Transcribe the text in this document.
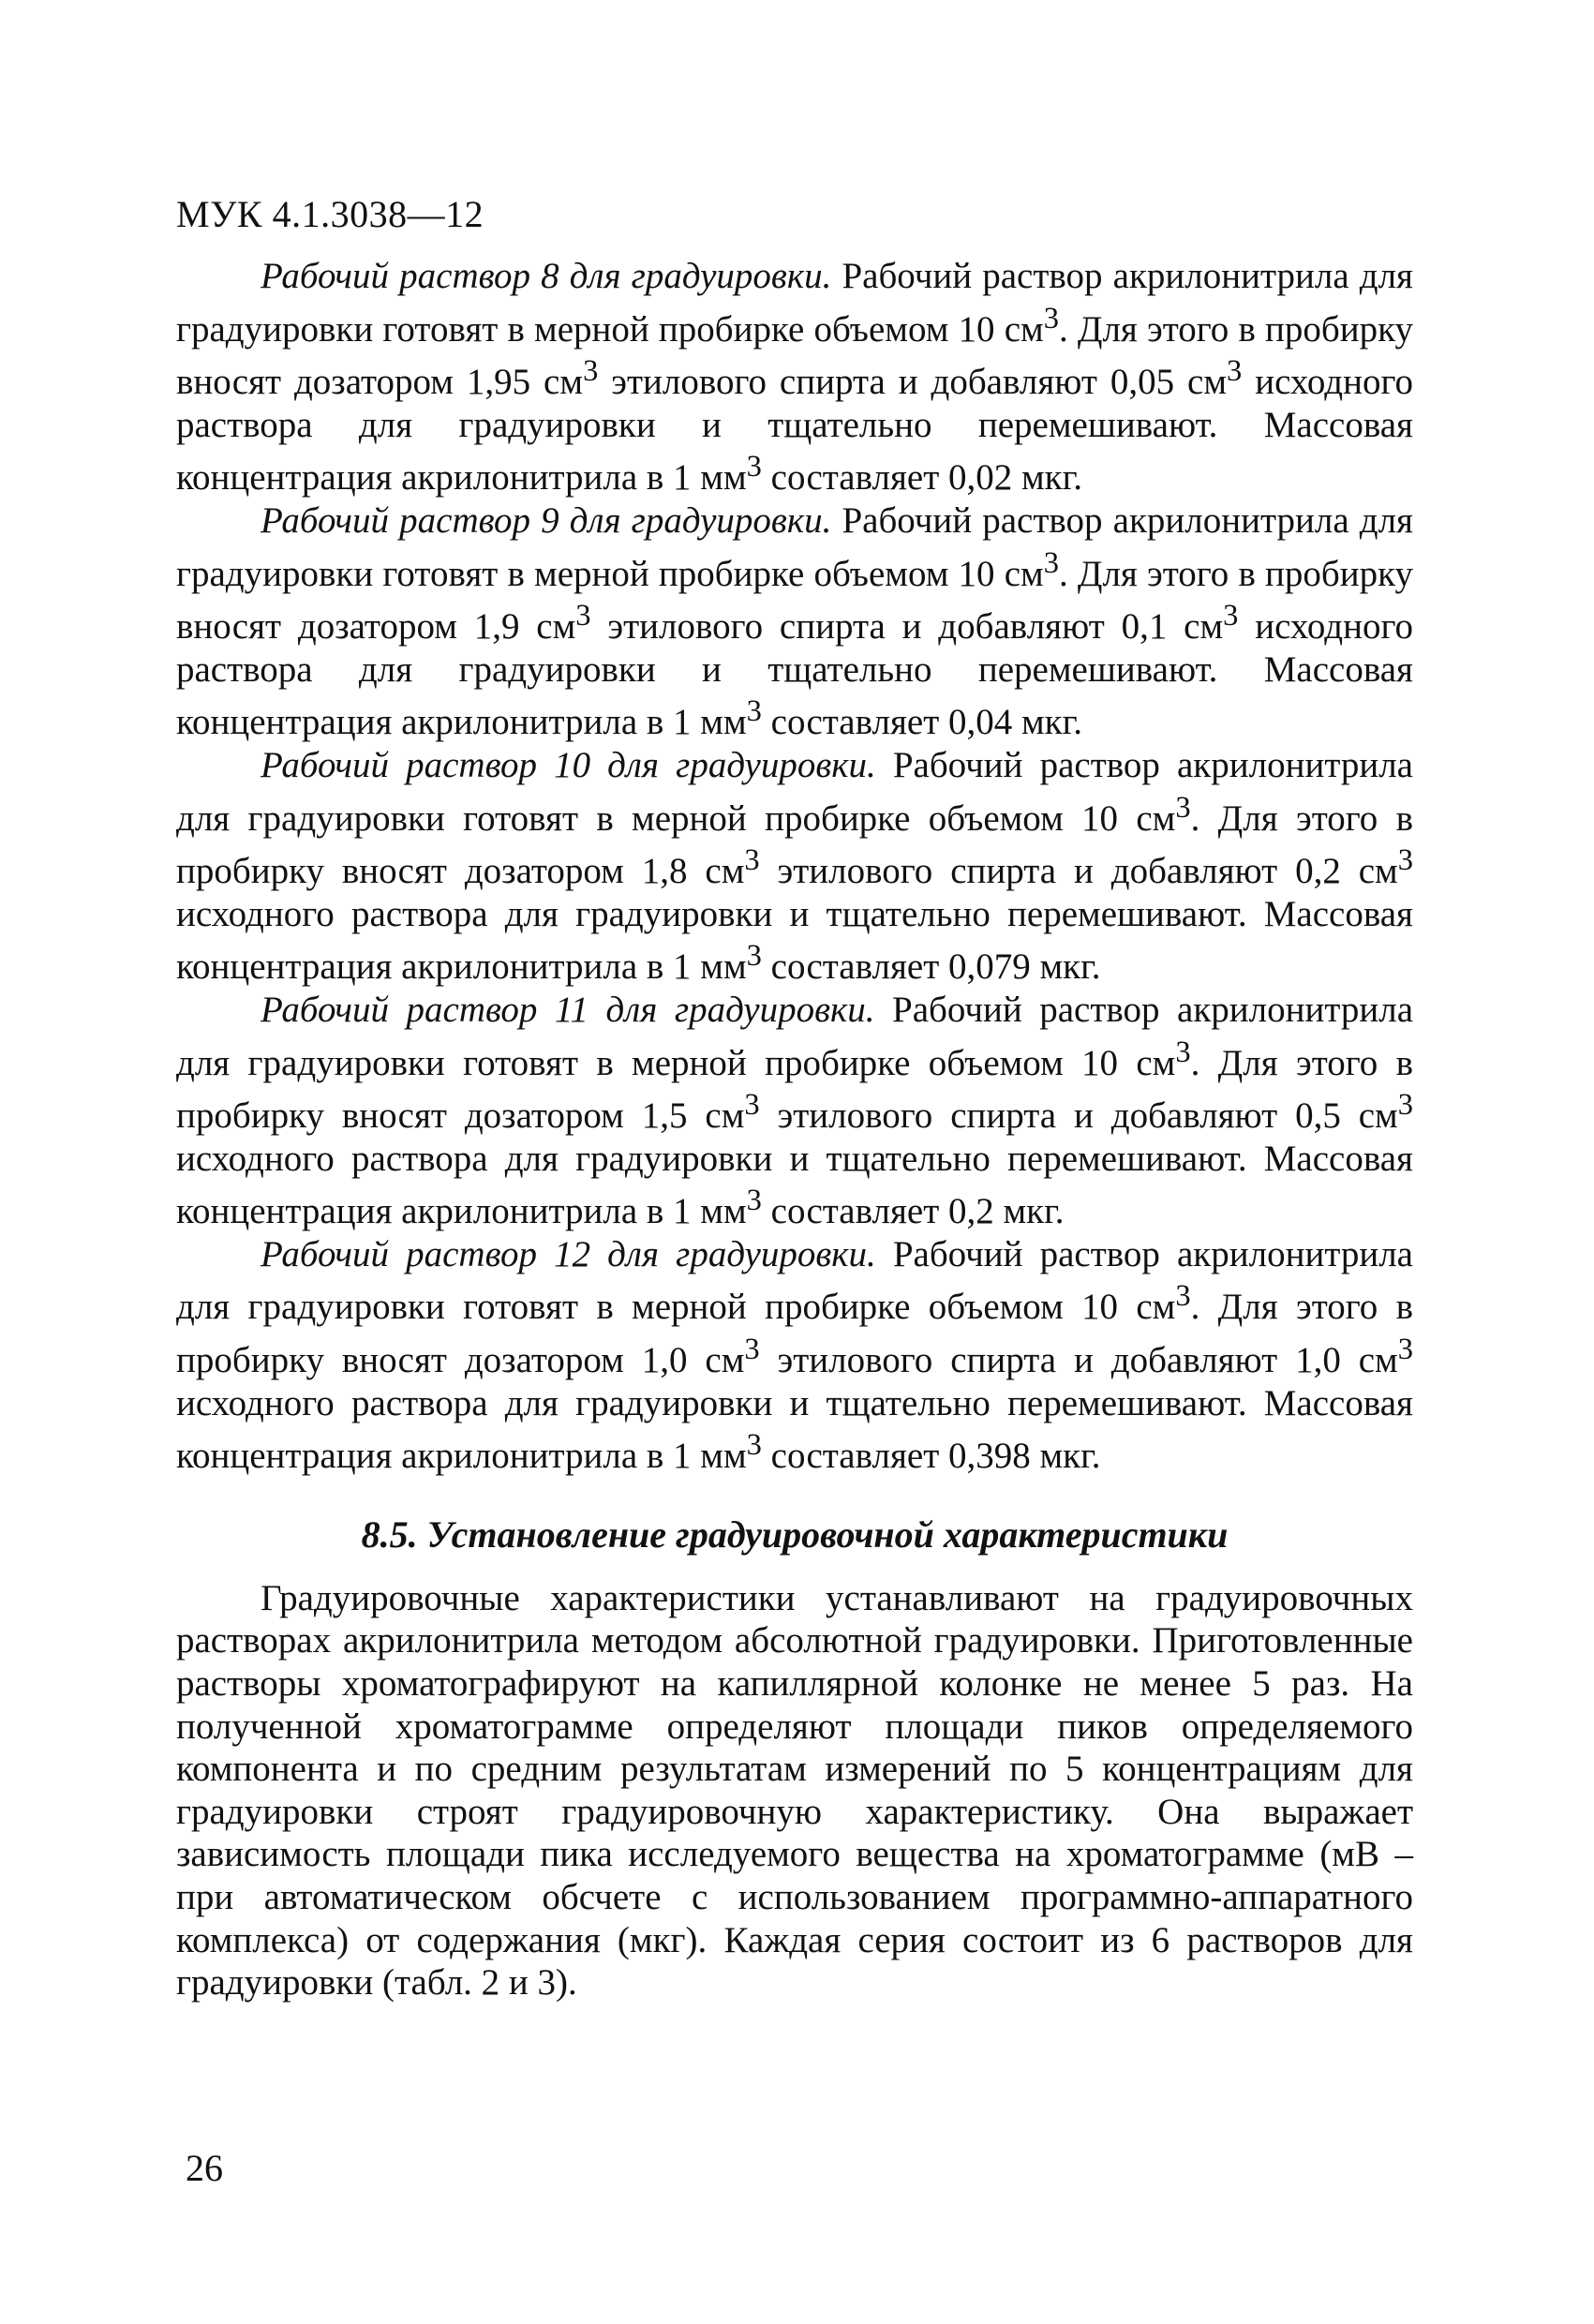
МУК 4.1.3038—12

Рабочий раствор 8 для градуировки. Рабочий раствор акрилонитрила для градуировки готовят в мерной пробирке объемом 10 $см^3$. Для этого в пробирку вносят дозатором 1,95 $см^3$ этилового спирта и добавляют 0,05 $см^3$ исходного раствора для градуировки и тщательно перемешивают. Массовая концентрация акрилонитрила в 1 $мм^3$ составляет 0,02 мкг.

Рабочий раствор 9 для градуировки. Рабочий раствор акрилонитрила для градуировки готовят в мерной пробирке объемом 10 $см^3$. Для этого в пробирку вносят дозатором 1,9 $см^3$ этилового спирта и добавляют 0,1 $см^3$ исходного раствора для градуировки и тщательно перемешивают. Массовая концентрация акрилонитрила в 1 $мм^3$ составляет 0,04 мкг.

Рабочий раствор 10 для градуировки. Рабочий раствор акрилонитрила для градуировки готовят в мерной пробирке объемом 10 $см^3$. Для этого в пробирку вносят дозатором 1,8 $см^3$ этилового спирта и добавляют 0,2 $см^3$ исходного раствора для градуировки и тщательно перемешивают. Массовая концентрация акрилонитрила в 1 $мм^3$ составляет 0,079 мкг.

Рабочий раствор 11 для градуировки. Рабочий раствор акрилонитрила для градуировки готовят в мерной пробирке объемом 10 $см^3$. Для этого в пробирку вносят дозатором 1,5 $см^3$ этилового спирта и добавляют 0,5 $см^3$ исходного раствора для градуировки и тщательно перемешивают. Массовая концентрация акрилонитрила в 1 $мм^3$ составляет 0,2 мкг.

Рабочий раствор 12 для градуировки. Рабочий раствор акрилонитрила для градуировки готовят в мерной пробирке объемом 10 $см^3$. Для этого в пробирку вносят дозатором 1,0 $см^3$ этилового спирта и добавляют 1,0 $см^3$ исходного раствора для градуировки и тщательно перемешивают. Массовая концентрация акрилонитрила в 1 $мм^3$ составляет 0,398 мкг.

8.5. Установление градуировочной характеристики

Градуировочные характеристики устанавливают на градуировочных растворах акрилонитрила методом абсолютной градуировки. Приготовленные растворы хроматографируют на капиллярной колонке не менее 5 раз. На полученной хроматограмме определяют площади пиков определяемого компонента и по средним результатам измерений по 5 концентрациям для градуировки строят градуировочную характеристику. Она выражает зависимость площади пика исследуемого вещества на хроматограмме (мВ – при автоматическом обсчете с использованием программно-аппаратного комплекса) от содержания (мкг). Каждая серия состоит из 6 растворов для градуировки (табл. 2 и 3).

26
